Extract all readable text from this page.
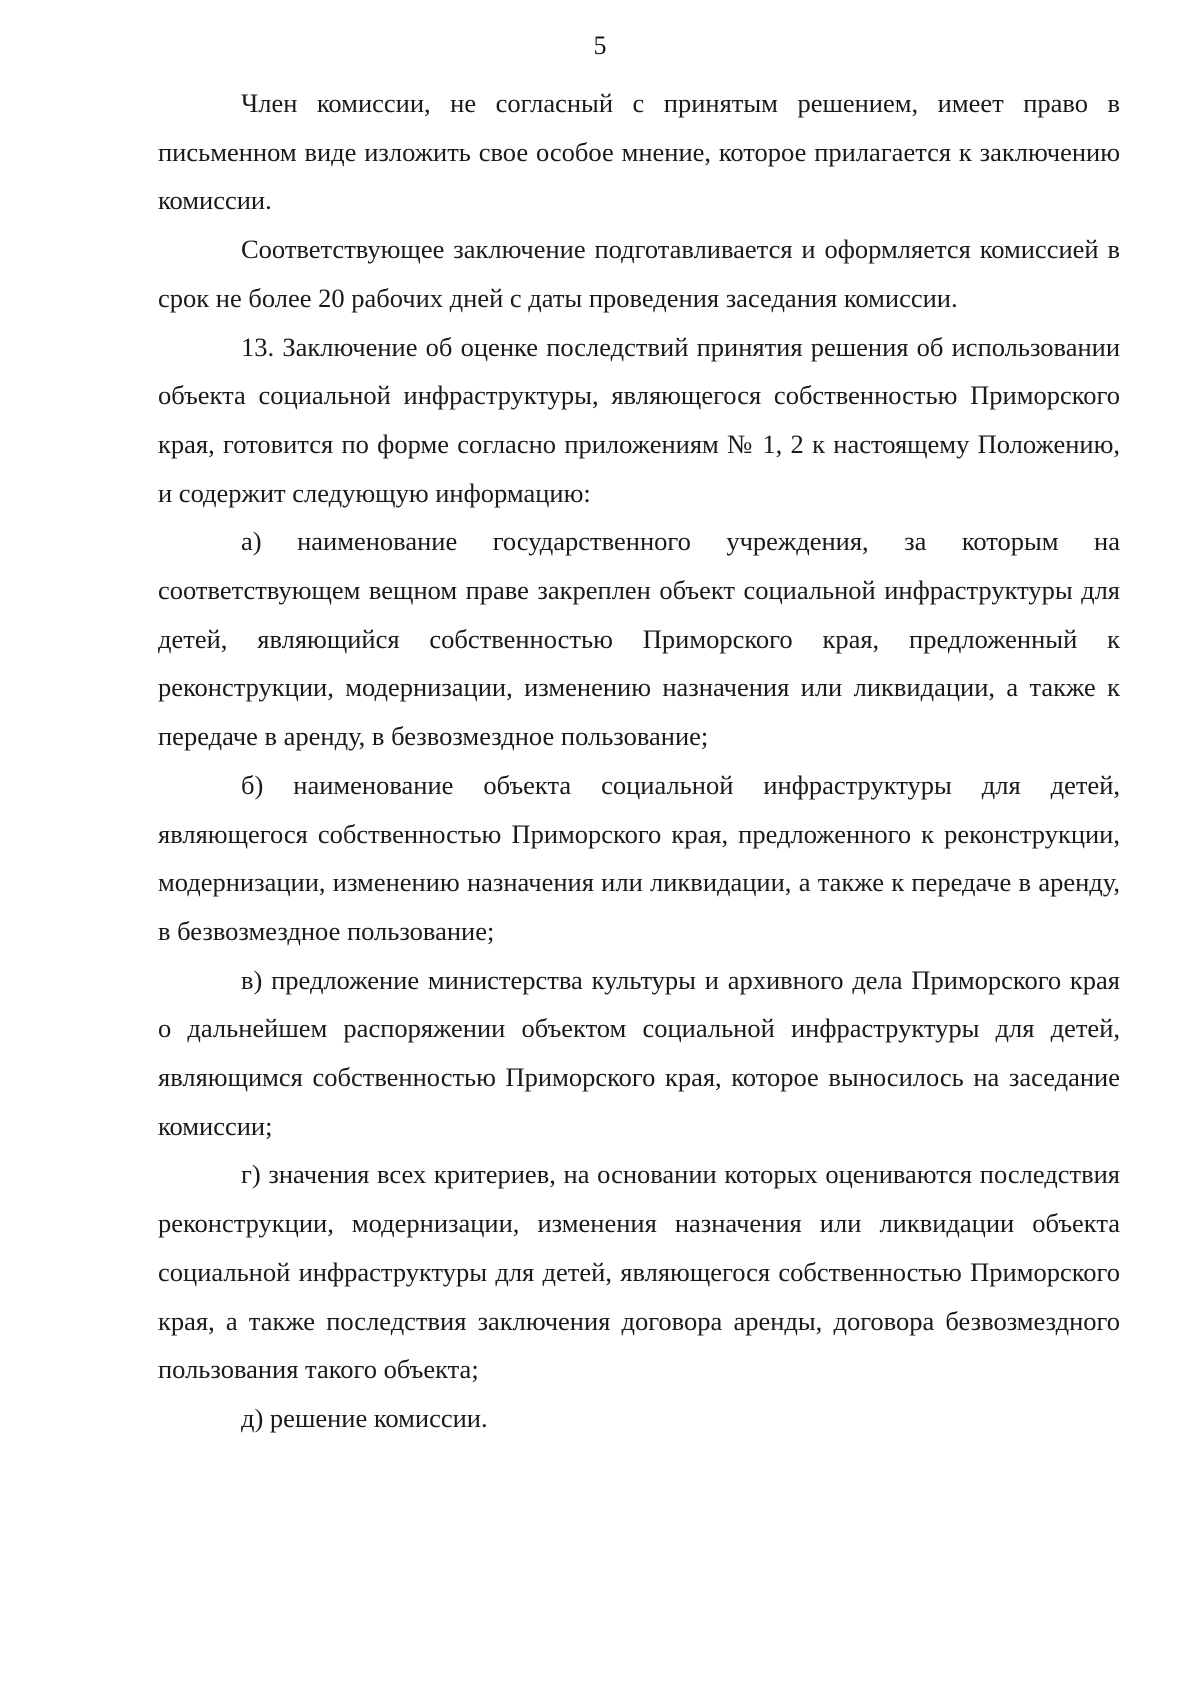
5

Член комиссии, не согласный с принятым решением, имеет право в письменном виде изложить свое особое мнение, которое прилагается к заключению комиссии.

Соответствующее заключение подготавливается и оформляется комиссией в срок не более 20 рабочих дней с даты проведения заседания комиссии.

13. Заключение об оценке последствий принятия решения об использовании объекта социальной инфраструктуры, являющегося собственностью Приморского края, готовится по форме согласно приложениям № 1, 2 к настоящему Положению, и содержит следующую информацию:

а) наименование государственного учреждения, за которым на соответствующем вещном праве закреплен объект социальной инфраструктуры для детей, являющийся собственностью Приморского края, предложенный к реконструкции, модернизации, изменению назначения или ликвидации, а также к передаче в аренду, в безвозмездное пользование;

б) наименование объекта социальной инфраструктуры для детей, являющегося собственностью Приморского края, предложенного к реконструкции, модернизации, изменению назначения или ликвидации, а также к передаче в аренду, в безвозмездное пользование;

в) предложение министерства культуры и архивного дела Приморского края о дальнейшем распоряжении объектом социальной инфраструктуры для детей, являющимся собственностью Приморского края, которое выносилось на заседание комиссии;

г) значения всех критериев, на основании которых оцениваются последствия реконструкции, модернизации, изменения назначения или ликвидации объекта социальной инфраструктуры для детей, являющегося собственностью Приморского края, а также последствия заключения договора аренды, договора безвозмездного пользования такого объекта;

д) решение комиссии.
